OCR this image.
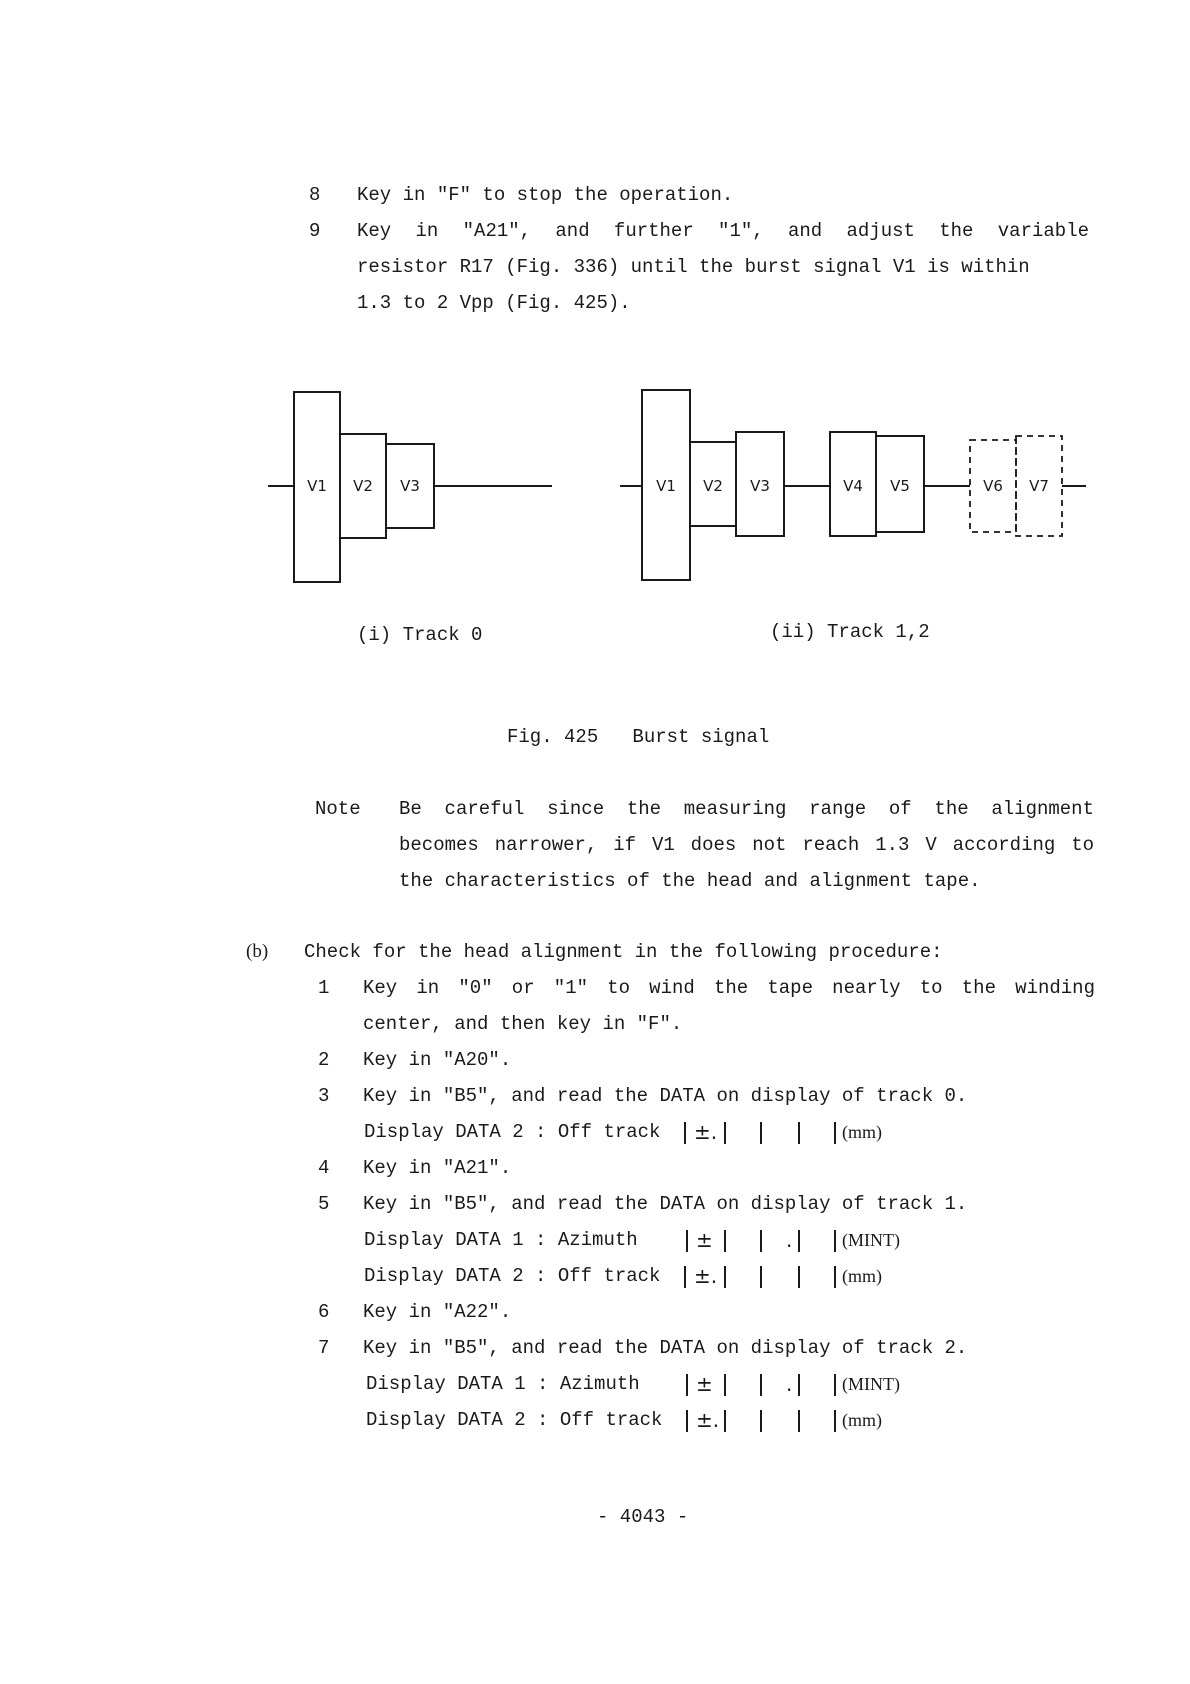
8 Key in "F" to stop the operation.
9 Key in "A21", and further "1", and adjust the variable
resistor R17 (Fig. 336) until the burst signal V1 is within
1.3 to 2 Vpp (Fig. 425).
V1 V2 V3	V1 V2 V3	V4 V5	V6 V7
(i) Track 0	(ii) Track 1,2
Fig. 425   Burst signal
Note Be careful since the measuring range of the alignment
becomes narrower, if V1 does not reach 1.3 V according to
the characteristics of the head and alignment tape.
(b) Check for the head alignment in the following procedure:
1 Key in "0" or "1" to wind the tape nearly to the winding
center, and then key in "F".
2 Key in "A20".
3 Key in "B5", and read the DATA on display of track 0.
Display DATA 2 : Off track ±.	(mm)
4 Key in "A21".
5 Key in "B5", and read the DATA on display of track 1.
Display DATA 1 : Azimuth	±	.	(MINT)
Display DATA 2 : Off track ±.	(mm)
6 Key in "A22".
7 Key in "B5", and read the DATA on display of track 2.
Display DATA 1 : Azimuth	±	.	(MINT)
Display DATA 2 : Off track ±.	(mm)
- 4043 -
